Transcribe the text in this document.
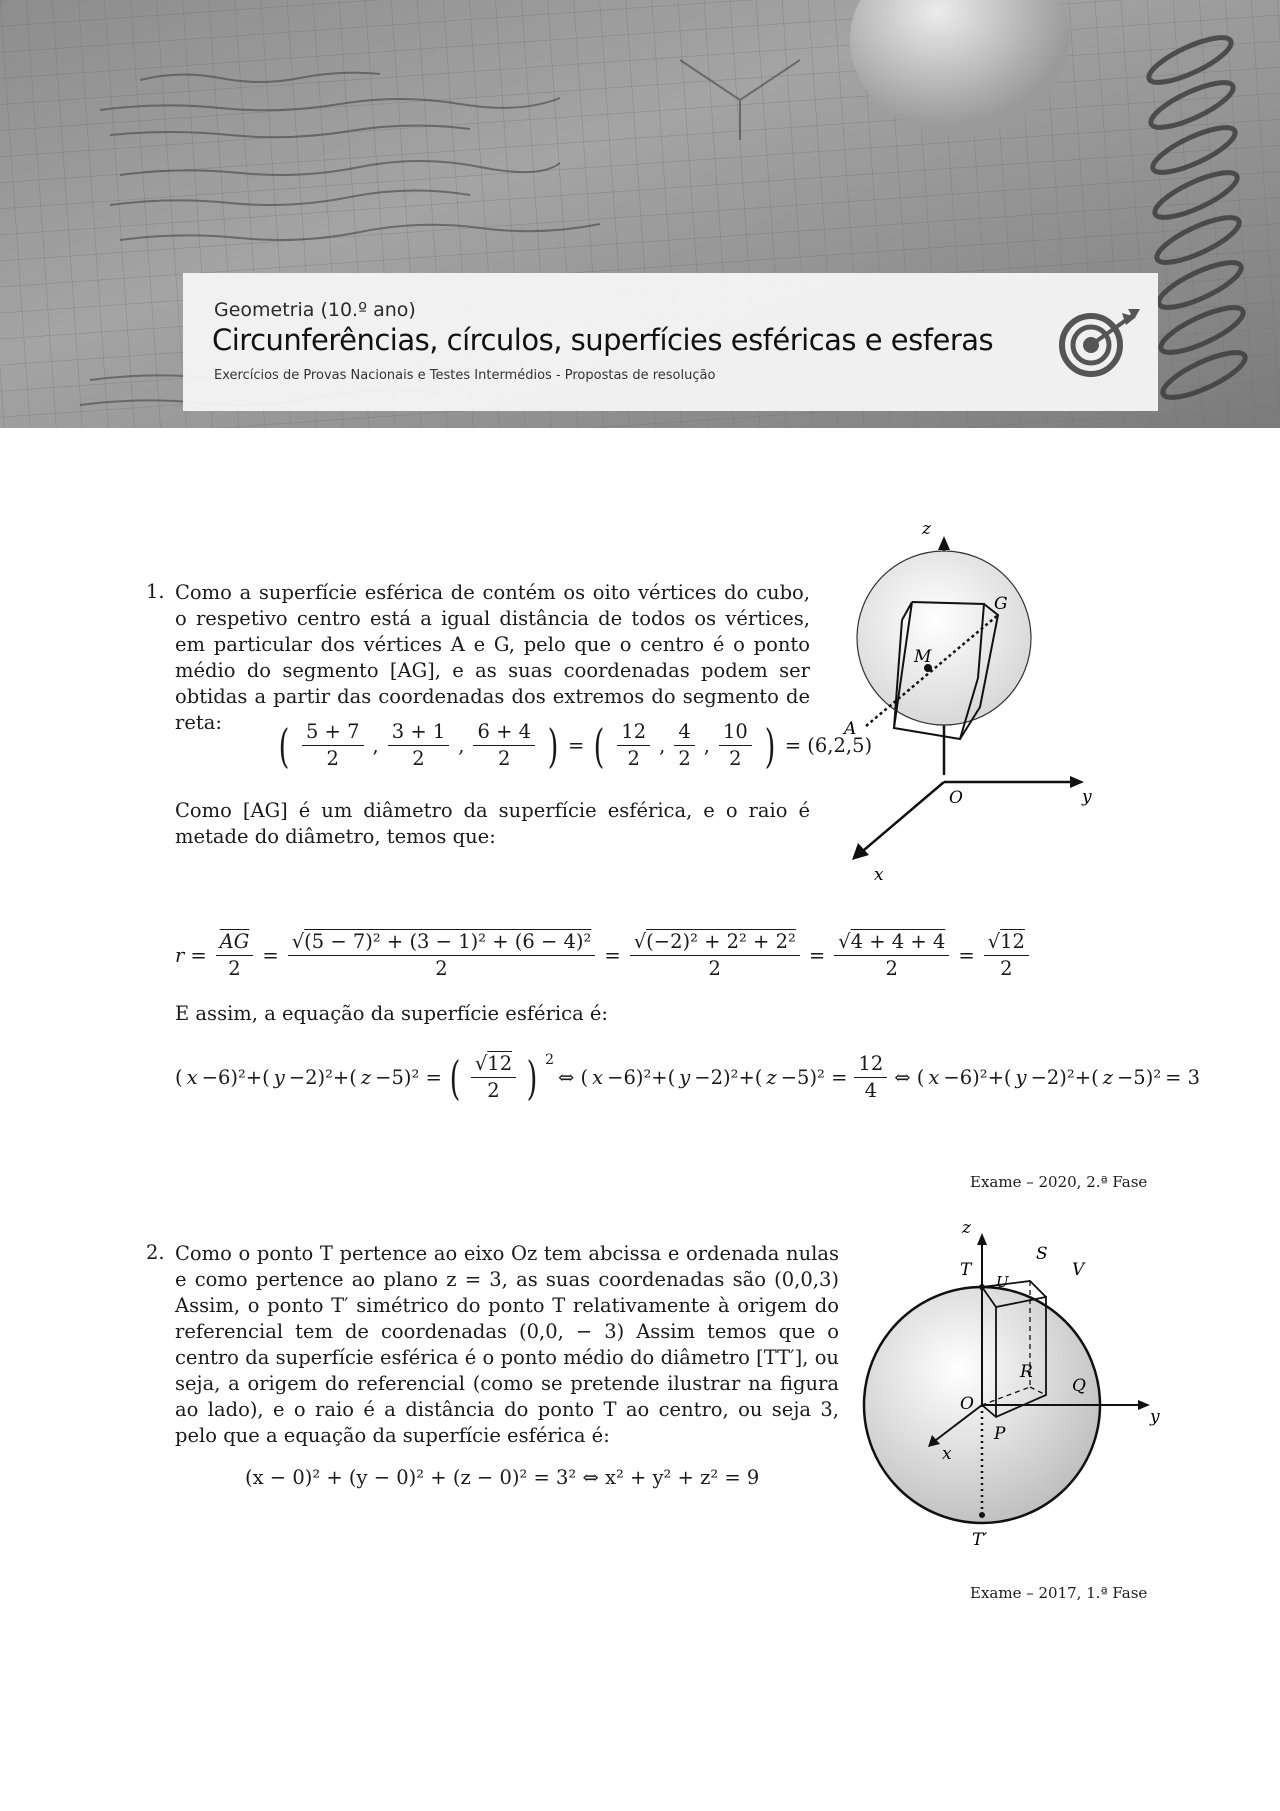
Geometria (10.º ano)
Circunferências, círculos, superfícies esféricas e esferas
Exercícios de Provas Nacionais e Testes Intermédios - Propostas de resolução
1. Como a superfície esférica de contém os oito vértices do cubo, o respetivo centro está a igual distância de todos os vértices, em particular dos vértices A e G, pelo que o centro é o ponto médio do segmento [AG], e as suas coordenadas podem ser obtidas a partir das coordenadas dos extremos do segmento de reta:	( $\frac{5 + 7}{2}$ , $\frac{3 + 1}{2}$ , $\frac{6 + 4}{2}$ ) = ( $\frac{12}{2}$ , $\frac{4}{2}$ , $\frac{10}{2}$ ) = (6,2,5)
Como [AG] é um diâmetro da superfície esférica, e o raio é metade do diâmetro, temos que:
z
y
x
O
A
G
M
$r = \frac{\overline{AG}}{2} = \frac{\text{√(5 − 7)² + (3 − 1)² + (6 − 4)²}}{2} = \frac{\text{√(−2)² + 2² + 2²}}{2} = \frac{√4 + 4 + 4}{2} = \frac{√12}{2}$
E assim, a equação da superfície esférica é:
( x −6)²+( y −2)²+( z −5)² = ( $\frac{√12}{2}$ ) $^2$
⇔ ( x −6)²+( y −2)²+( $z -5)^2 = \frac{12}{4}$ ⇔ ( x −6)²+( y −2)²+( z −5)² = 3
Exame – 2020, 2.ª Fase
2. Como o ponto T pertence ao eixo Oz tem abcissa e ordenada nulas e como pertence ao plano z = 3, as suas coordenadas são (0,0,3) Assim, o ponto T′ simétrico do ponto T relativamente à origem do referencial tem de coordenadas (0,0, − 3) Assim temos que o centro da superfície esférica é o ponto médio do diâmetro [TT′], ou seja, a origem do referencial (como se pretende ilustrar na figura ao lado), e o raio é a distância do ponto T ao centro, ou seja 3, pelo que a equação da superfície esférica é:
(x − 0)² + (y − 0)² + (z − 0)² = 3² ⇔ x² + y² + z² = 9
z
y
x
O
T
T′
S
V
U
R
Q
P
Exame – 2017, 1.ª Fase
